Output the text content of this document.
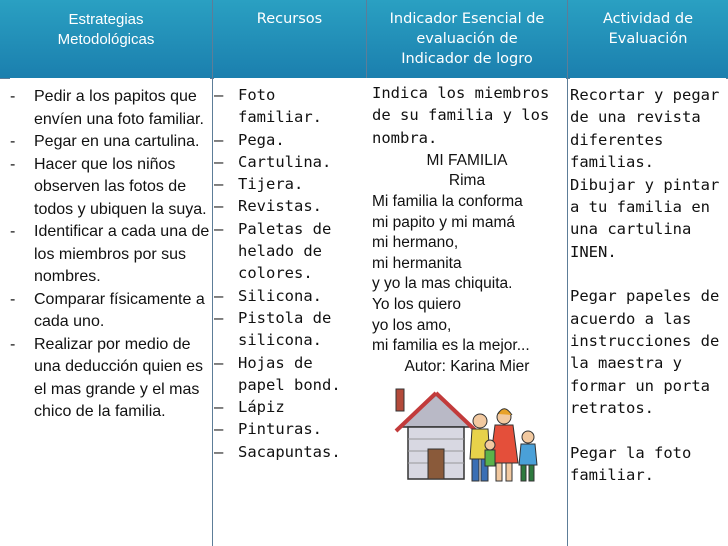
Estrategias
Metodológicas
Recursos	Indicador Esencial de
evaluación de
Indicador de logro
Actividad de
Evaluación
- Pedir a los papitos que envíen una foto familiar.
- Pegar en una cartulina.
- Hacer que los niños observen las fotos de todos y ubiquen la suya.
- Identificar a cada una de los miembros por sus nombres.
- Comparar físicamente a cada uno.
- Realizar por medio de una deducción quien es el mas grande y el mas chico de la familia.
– Foto familiar.
– Pega.
– Cartulina.
– Tijera.
– Revistas.
– Paletas de helado de colores.
– Silicona.
– Pistola de silicona.
– Hojas de papel bond.
– Lápiz
– Pinturas.
– Sacapuntas.
Indica los miembros de su familia y los nombra.
MI FAMILIA
Rima
Mi familia la conforma
mi papito y mi mamá
mi hermano,
mi hermanita
y yo la mas chiquita.
Yo los quiero
yo los amo,
mi familia es la mejor...
Autor: Karina Mier
Recortar y pegar de una revista diferentes familias. Dibujar y pintar a tu familia en una cartulina INEN.
Pegar papeles de acuerdo a las instrucciones de la maestra y formar un porta retratos.
Pegar la foto familiar.
